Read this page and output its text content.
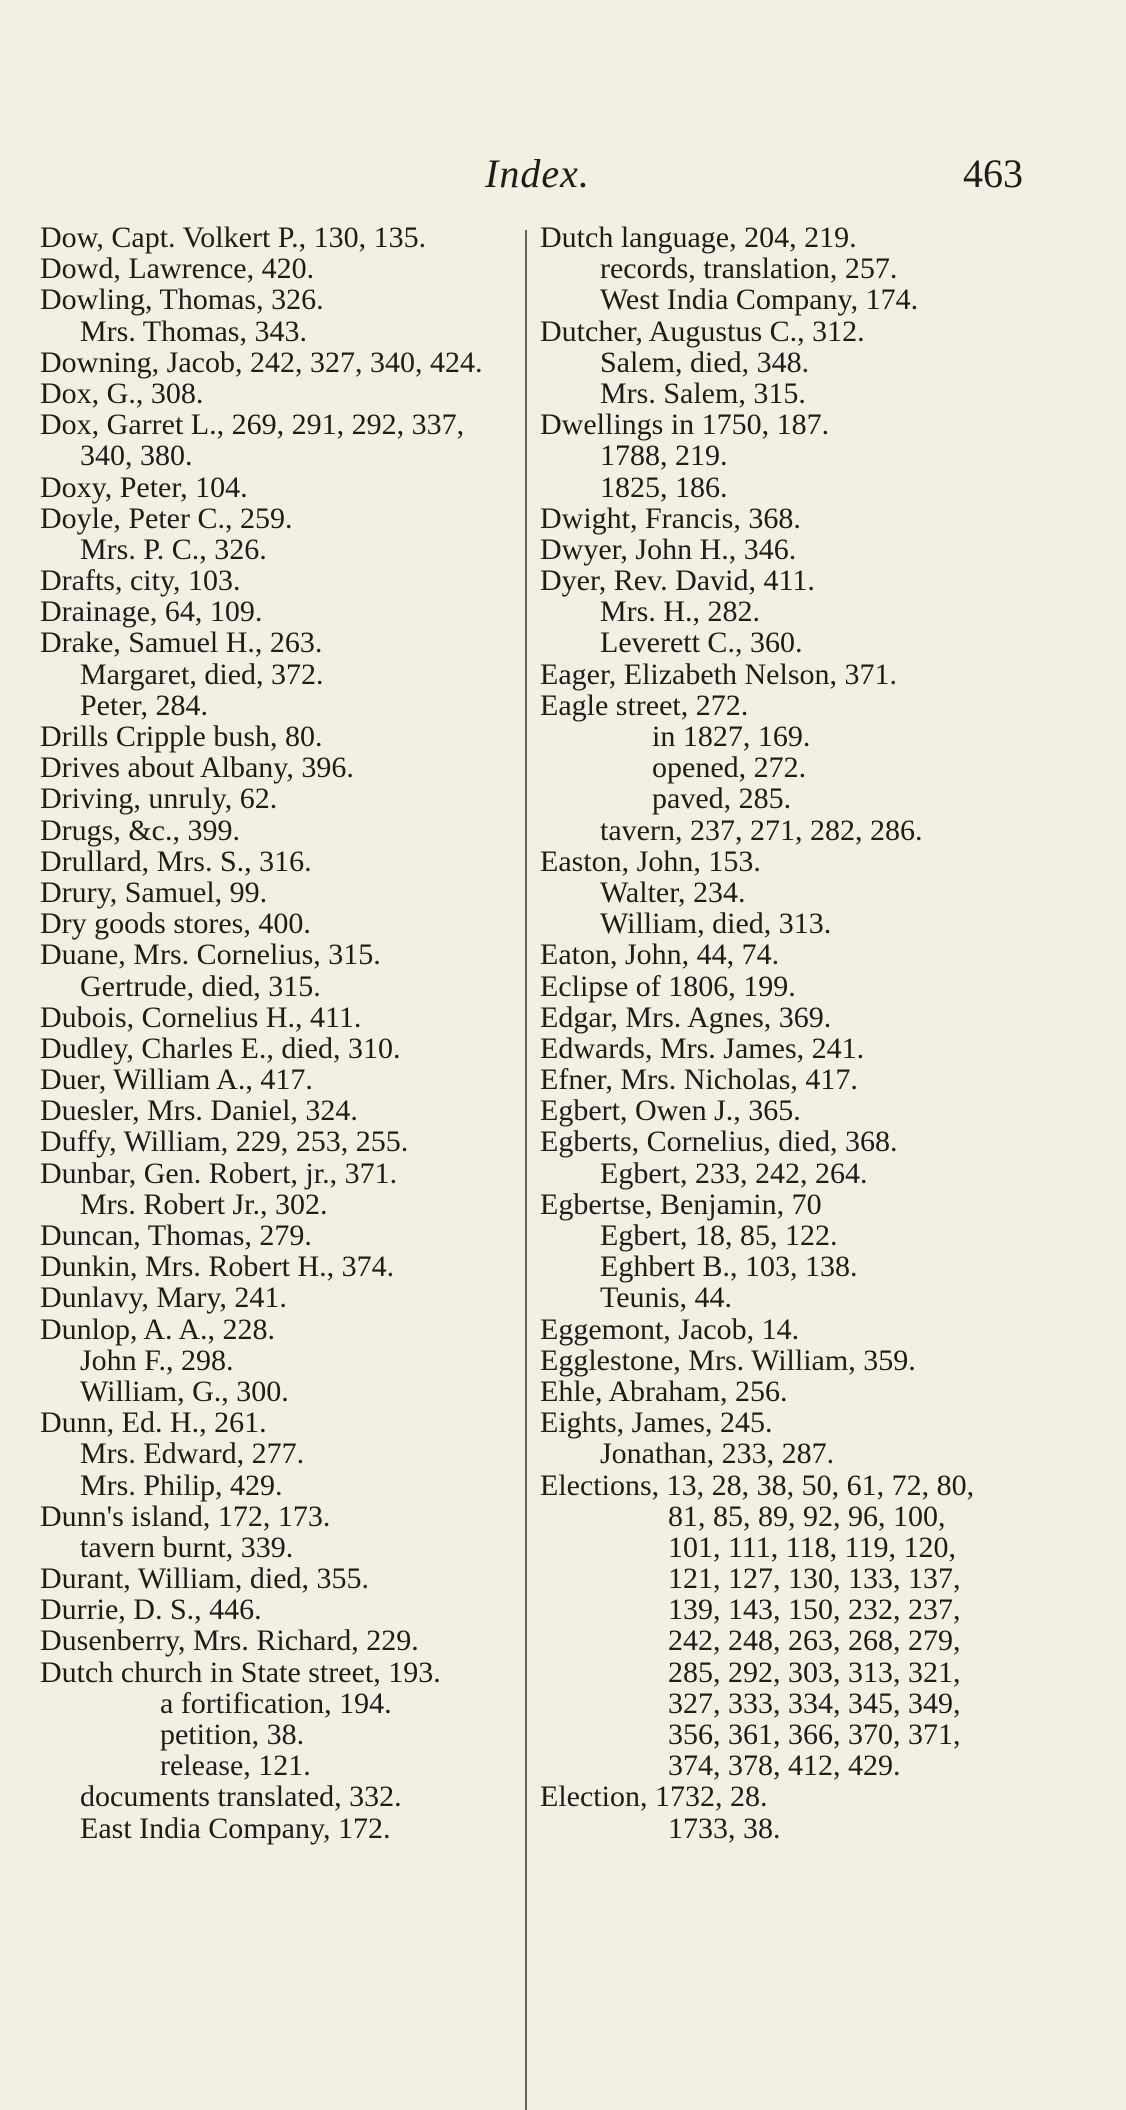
Index.	463
Dow, Capt. Volkert P., 130, 135.
Dowd, Lawrence, 420.
Dowling, Thomas, 326.
Mrs. Thomas, 343.
Downing, Jacob, 242, 327, 340, 424.
Dox, G., 308.
Dox, Garret L., 269, 291, 292, 337,
340, 380.
Doxy, Peter, 104.
Doyle, Peter C., 259.
Mrs. P. C., 326.
Drafts, city, 103.
Drainage, 64, 109.
Drake, Samuel H., 263.
Margaret, died, 372.
Peter, 284.
Drills Cripple bush, 80.
Drives about Albany, 396.
Driving, unruly, 62.
Drugs, &c., 399.
Drullard, Mrs. S., 316.
Drury, Samuel, 99.
Dry goods stores, 400.
Duane, Mrs. Cornelius, 315.
Gertrude, died, 315.
Dubois, Cornelius H., 411.
Dudley, Charles E., died, 310.
Duer, William A., 417.
Duesler, Mrs. Daniel, 324.
Duffy, William, 229, 253, 255.
Dunbar, Gen. Robert, jr., 371.
Mrs. Robert Jr., 302.
Duncan, Thomas, 279.
Dunkin, Mrs. Robert H., 374.
Dunlavy, Mary, 241.
Dunlop, A. A., 228.
John F., 298.
William, G., 300.
Dunn, Ed. H., 261.
Mrs. Edward, 277.
Mrs. Philip, 429.
Dunn's island, 172, 173.
tavern burnt, 339.
Durant, William, died, 355.
Durrie, D. S., 446.
Dusenberry, Mrs. Richard, 229.
Dutch church in State street, 193.
a fortification, 194.
petition, 38.
release, 121.
documents translated, 332.
East India Company, 172.
Dutch language, 204, 219.
records, translation, 257.
West India Company, 174.
Dutcher, Augustus C., 312.
Salem, died, 348.
Mrs. Salem, 315.
Dwellings in 1750, 187.
1788, 219.
1825, 186.
Dwight, Francis, 368.
Dwyer, John H., 346.
Dyer, Rev. David, 411.
Mrs. H., 282.
Leverett C., 360.
Eager, Elizabeth Nelson, 371.
Eagle street, 272.
in 1827, 169.
opened, 272.
paved, 285.
tavern, 237, 271, 282, 286.
Easton, John, 153.
Walter, 234.
William, died, 313.
Eaton, John, 44, 74.
Eclipse of 1806, 199.
Edgar, Mrs. Agnes, 369.
Edwards, Mrs. James, 241.
Efner, Mrs. Nicholas, 417.
Egbert, Owen J., 365.
Egberts, Cornelius, died, 368.
Egbert, 233, 242, 264.
Egbertse, Benjamin, 70
Egbert, 18, 85, 122.
Eghbert B., 103, 138.
Teunis, 44.
Eggemont, Jacob, 14.
Egglestone, Mrs. William, 359.
Ehle, Abraham, 256.
Eights, James, 245.
Jonathan, 233, 287.
Elections, 13, 28, 38, 50, 61, 72, 80,
81, 85, 89, 92, 96, 100,
101, 111, 118, 119, 120,
121, 127, 130, 133, 137,
139, 143, 150, 232, 237,
242, 248, 263, 268, 279,
285, 292, 303, 313, 321,
327, 333, 334, 345, 349,
356, 361, 366, 370, 371,
374, 378, 412, 429.
Election, 1732, 28.
1733, 38.
